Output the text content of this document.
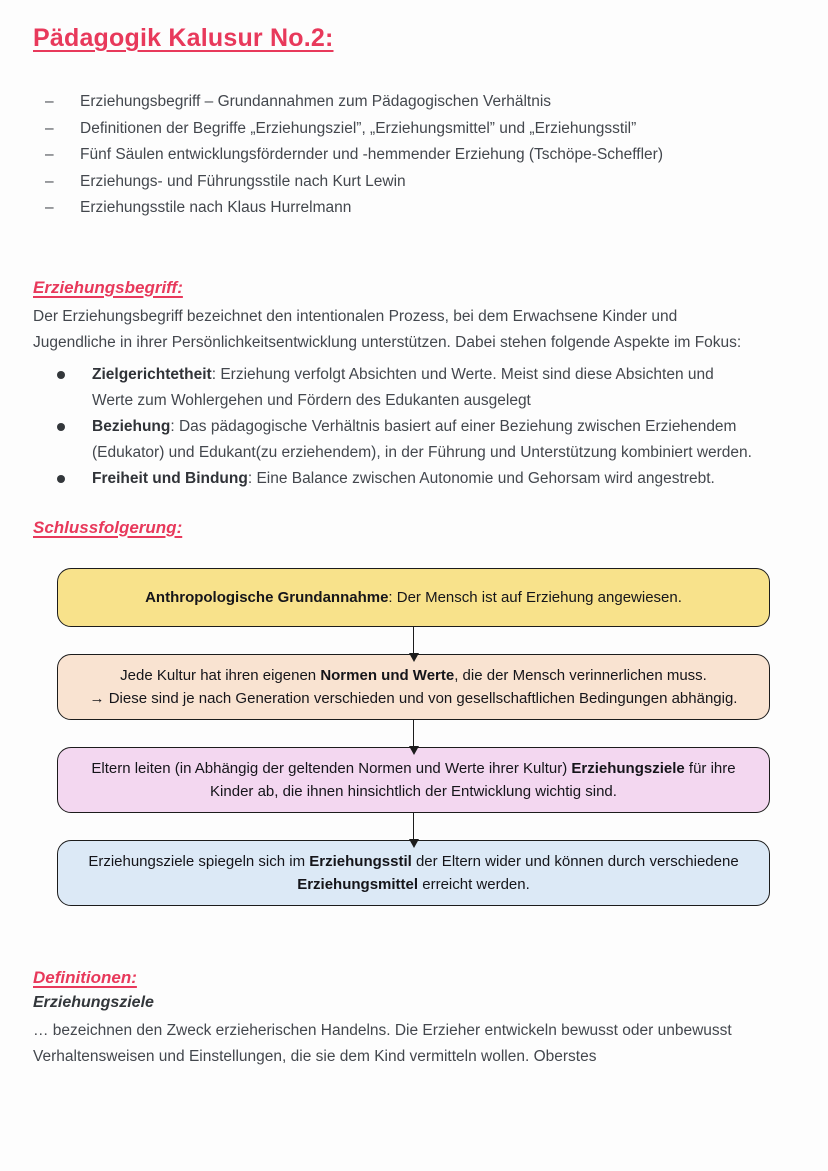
Pädagogik Kalusur No.2:
–	Erziehungsbegriff – Grundannahmen zum Pädagogischen Verhältnis
–	Definitionen der Begriffe „Erziehungsziel”, „Erziehungsmittel” und „Erziehungsstil”
–	Fünf Säulen entwicklungsfördernder und -hemmender Erziehung (Tschöpe-Scheffler)
–	Erziehungs- und Führungsstile nach Kurt Lewin
–	Erziehungsstile nach Klaus Hurrelmann
Erziehungsbegriff:

Der Erziehungsbegriff bezeichnet den intentionalen Prozess, bei dem Erwachsene Kinder und Jugendliche in ihrer Persönlichkeitsentwicklung unterstützen. Dabei stehen folgende Aspekte im Fokus:

Zielgerichtetheit: Erziehung verfolgt Absichten und Werte. Meist sind diese Absichten und Werte zum Wohlergehen und Fördern des Edukanten ausgelegt
Beziehung: Das pädagogische Verhältnis basiert auf einer Beziehung zwischen Erziehendem (Edukator) und Edukant(zu erziehendem), in der Führung und Unterstützung kombiniert werden.
Freiheit und Bindung: Eine Balance zwischen Autonomie und Gehorsam wird angestrebt.
Schlussfolgerung:
Anthropologische Grundannahme: Der Mensch ist auf Erziehung angewiesen.
Jede Kultur hat ihren eigenen Normen und Werte, die der Mensch verinnerlichen muss.
→ Diese sind je nach Generation verschieden und von gesellschaftlichen Bedingungen abhängig.
Eltern leiten (in Abhängig der geltenden Normen und Werte ihrer Kultur) Erziehungsziele für ihre Kinder ab, die ihnen hinsichtlich der Entwicklung wichtig sind.
Erziehungsziele spiegeln sich im Erziehungsstil der Eltern wider und können durch verschiedene Erziehungsmittel erreicht werden.
Definitionen:

Erziehungsziele

… bezeichnen den Zweck erzieherischen Handelns. Die Erzieher entwickeln bewusst oder unbewusst Verhaltensweisen und Einstellungen, die sie dem Kind vermitteln wollen. Oberstes
